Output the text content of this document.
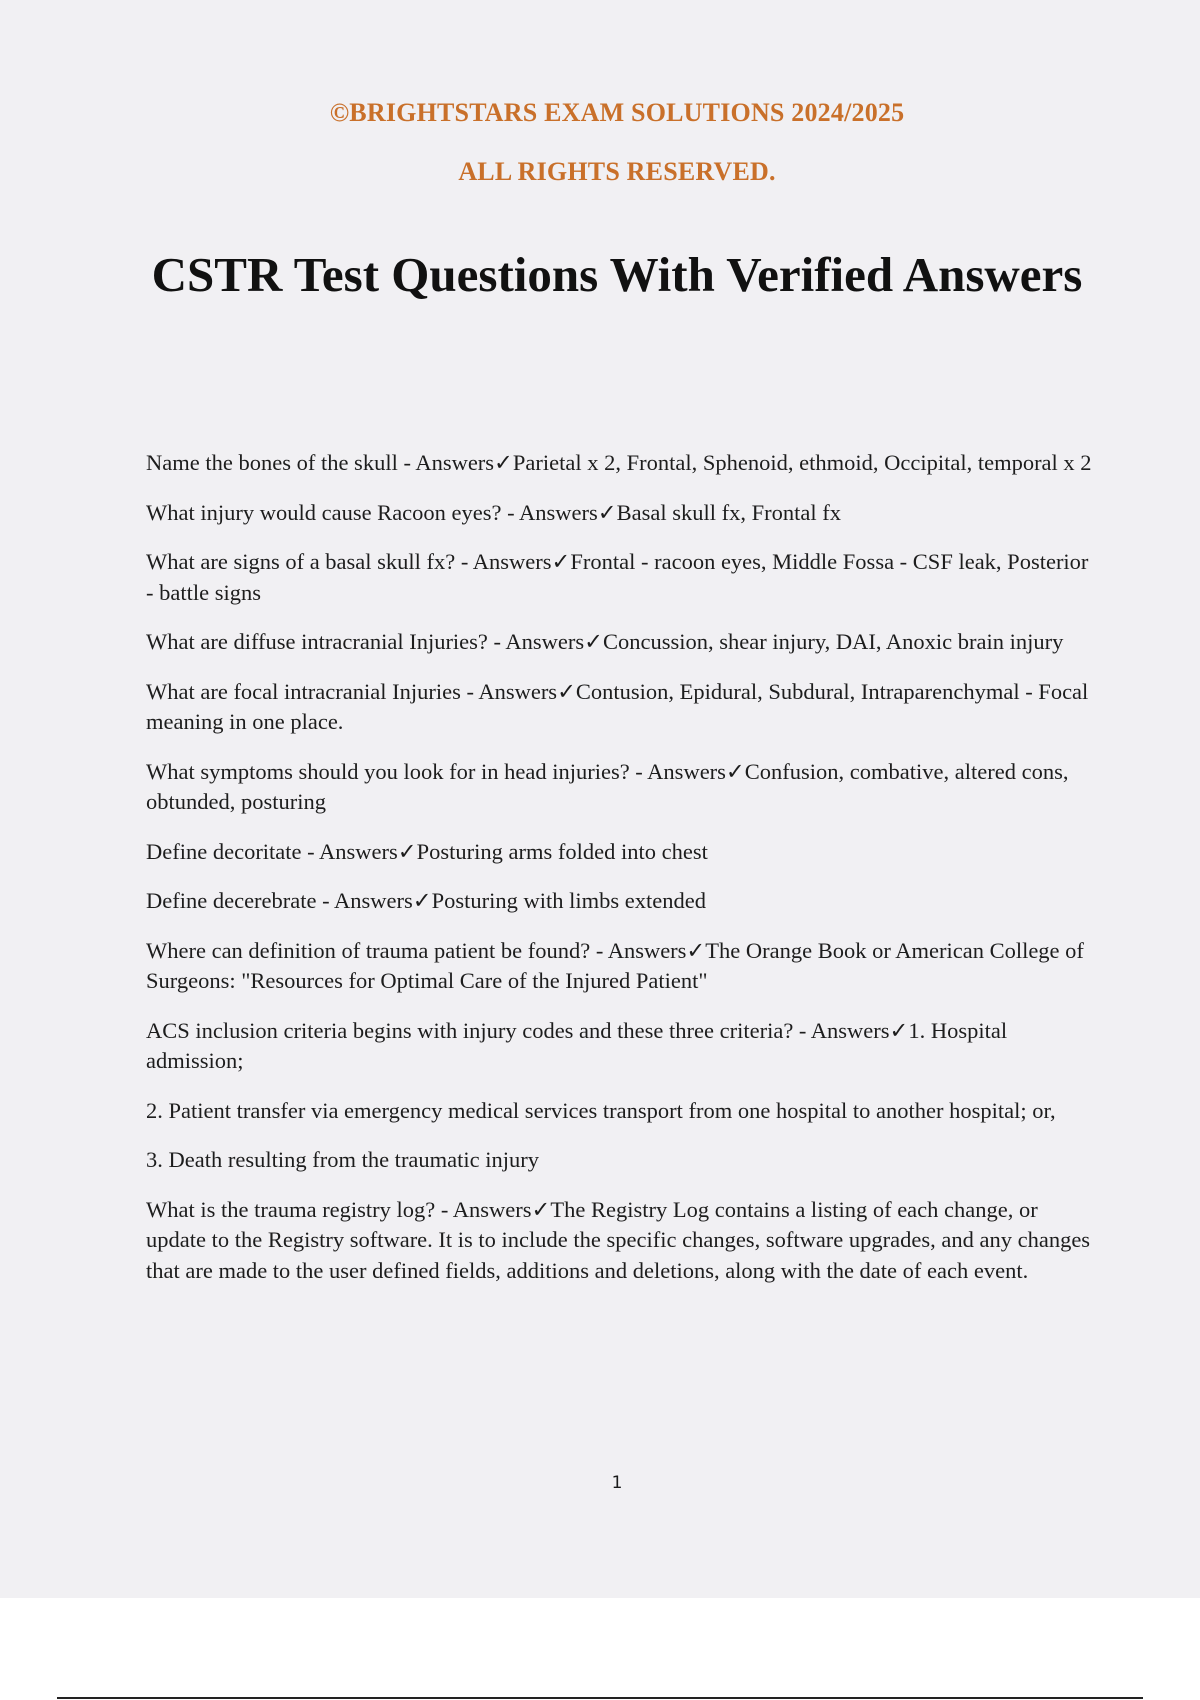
©BRIGHTSTARS EXAM SOLUTIONS 2024/2025
ALL RIGHTS RESERVED.
CSTR Test Questions With Verified Answers

Name the bones of the skull - Answers✓Parietal x 2, Frontal, Sphenoid, ethmoid, Occipital, temporal x 2

What injury would cause Racoon eyes? - Answers✓Basal skull fx, Frontal fx

What are signs of a basal skull fx? - Answers✓Frontal - racoon eyes, Middle Fossa - CSF leak, Posterior - battle signs

What are diffuse intracranial Injuries? - Answers✓Concussion, shear injury, DAI, Anoxic brain injury

What are focal intracranial Injuries - Answers✓Contusion, Epidural, Subdural, Intraparenchymal - Focal meaning in one place.

What symptoms should you look for in head injuries? - Answers✓Confusion, combative, altered cons, obtunded, posturing

Define decoritate - Answers✓Posturing arms folded into chest

Define decerebrate - Answers✓Posturing with limbs extended

Where can definition of trauma patient be found? - Answers✓The Orange Book or American College of Surgeons: "Resources for Optimal Care of the Injured Patient"

ACS inclusion criteria begins with injury codes and these three criteria? - Answers✓1. Hospital admission;

2. Patient transfer via emergency medical services transport from one hospital to another hospital; or,

3. Death resulting from the traumatic injury

What is the trauma registry log? - Answers✓The Registry Log contains a listing of each change, or update to the Registry software. It is to include the specific changes, software upgrades, and any changes that are made to the user defined fields, additions and deletions, along with the date of each event.

1
